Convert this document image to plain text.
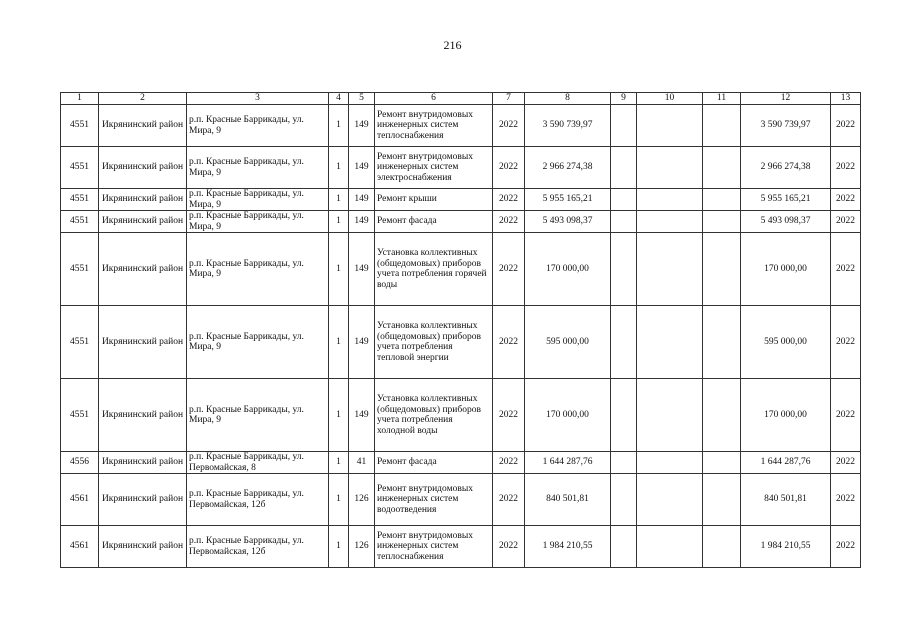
216
1	2	3	4	5	6	7	8	9	10	11	12	13
4551	Икрянинский район	р.п. Красные Баррикады, ул. Мира, 9	1	149	Ремонт внутридомовых инженерных систем теплоснабжения	2022	3 590 739,97				3 590 739,97	2022
4551	Икрянинский район	р.п. Красные Баррикады, ул. Мира, 9	1	149	Ремонт внутридомовых инженерных систем электроснабжения	2022	2 966 274,38				2 966 274,38	2022
4551	Икрянинский район	р.п. Красные Баррикады, ул. Мира, 9	1	149	Ремонт крыши	2022	5 955 165,21				5 955 165,21	2022
4551	Икрянинский район	р.п. Красные Баррикады, ул. Мира, 9	1	149	Ремонт фасада	2022	5 493 098,37				5 493 098,37	2022
4551	Икрянинский район	р.п. Красные Баррикады, ул. Мира, 9	1	149	Установка коллективных (общедомовых) приборов учета потребления горячей воды	2022	170 000,00				170 000,00	2022
4551	Икрянинский район	р.п. Красные Баррикады, ул. Мира, 9	1	149	Установка коллективных (общедомовых) приборов учета потребления тепловой энергии	2022	595 000,00				595 000,00	2022
4551	Икрянинский район	р.п. Красные Баррикады, ул. Мира, 9	1	149	Установка коллективных (общедомовых) приборов учета потребления холодной воды	2022	170 000,00				170 000,00	2022
4556	Икрянинский район	р.п. Красные Баррикады, ул. Первомайская, 8	1	41	Ремонт фасада	2022	1 644 287,76				1 644 287,76	2022
4561	Икрянинский район	р.п. Красные Баррикады, ул. Первомайская, 12б	1	126	Ремонт внутридомовых инженерных систем водоотведения	2022	840 501,81				840 501,81	2022
4561	Икрянинский район	р.п. Красные Баррикады, ул. Первомайская, 12б	1	126	Ремонт внутридомовых инженерных систем теплоснабжения	2022	1 984 210,55				1 984 210,55	2022
